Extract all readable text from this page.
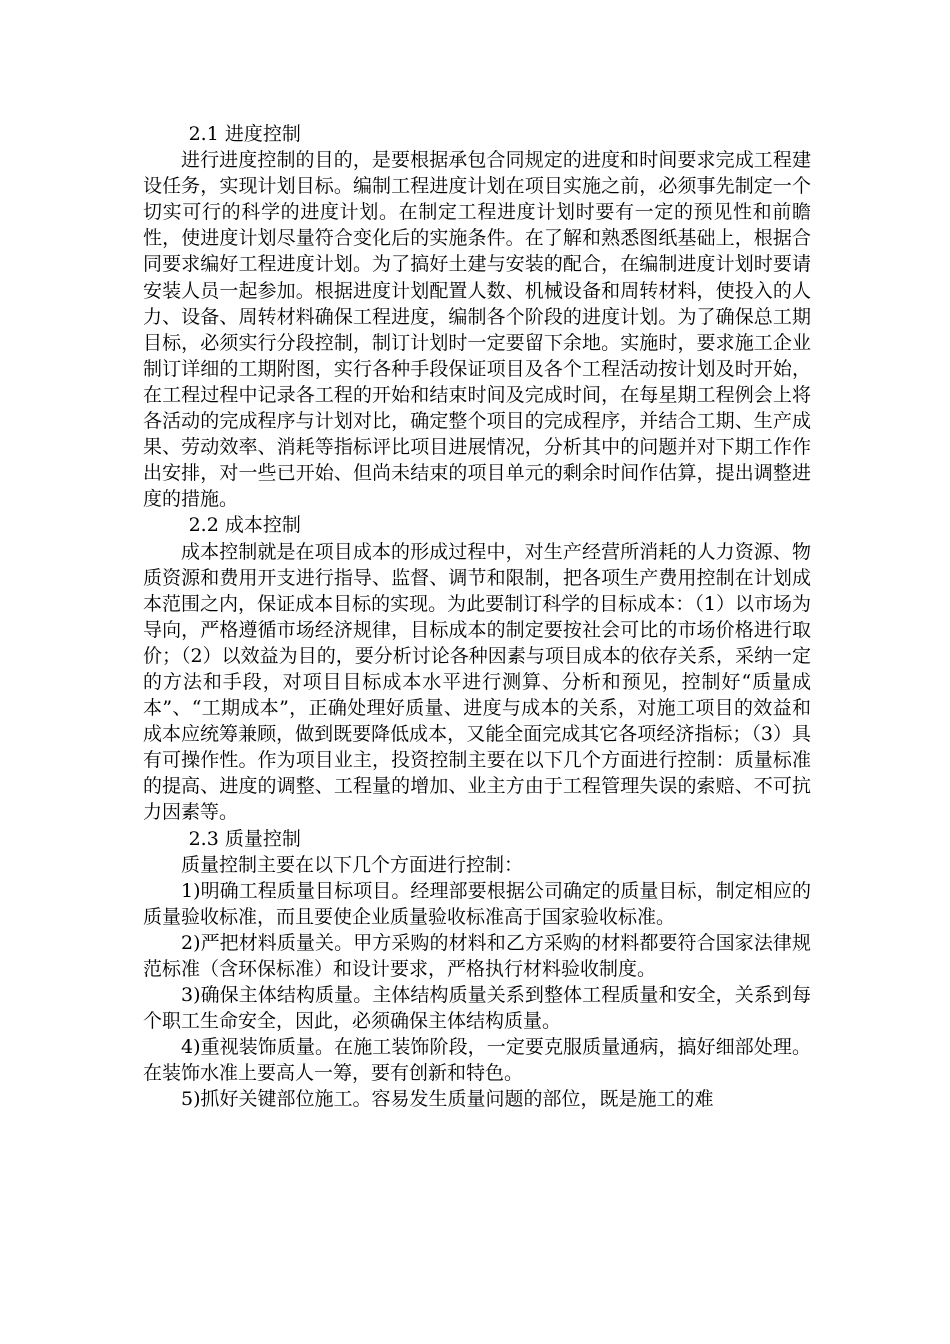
2.1 进度控制

进行进度控制的目的，是要根据承包合同规定的进度和时间要求完成工程建设任务，实现计划目标。编制工程进度计划在项目实施之前，必须事先制定一个切实可行的科学的进度计划。在制定工程进度计划时要有一定的预见性和前瞻性，使进度计划尽量符合变化后的实施条件。在了解和熟悉图纸基础上，根据合同要求编好工程进度计划。为了搞好土建与安装的配合，在编制进度计划时要请安装人员一起参加。根据进度计划配置人数、机械设备和周转材料，使投入的人力、设备、周转材料确保工程进度，编制各个阶段的进度计划。为了确保总工期目标，必须实行分段控制，制订计划时一定要留下余地。实施时，要求施工企业制订详细的工期附图，实行各种手段保证项目及各个工程活动按计划及时开始，在工程过程中记录各工程的开始和结束时间及完成时间，在每星期工程例会上将各活动的完成程序与计划对比，确定整个项目的完成程序，并结合工期、生产成果、劳动效率、消耗等指标评比项目进展情况，分析其中的问题并对下期工作作出安排，对一些已开始、但尚未结束的项目单元的剩余时间作估算，提出调整进度的措施。

2.2 成本控制

成本控制就是在项目成本的形成过程中，对生产经营所消耗的人力资源、物质资源和费用开支进行指导、监督、调节和限制，把各项生产费用控制在计划成本范围之内，保证成本目标的实现。为此要制订科学的目标成本：（1）以市场为导向，严格遵循市场经济规律，目标成本的制定要按社会可比的市场价格进行取价；（2）以效益为目的，要分析讨论各种因素与项目成本的依存关系，采纳一定的方法和手段，对项目目标成本水平进行测算、分析和预见，控制好“质量成本”、“工期成本”，正确处理好质量、进度与成本的关系，对施工项目的效益和成本应统筹兼顾，做到既要降低成本，又能全面完成其它各项经济指标；（3）具有可操作性。作为项目业主，投资控制主要在以下几个方面进行控制：质量标准的提高、进度的调整、工程量的增加、业主方由于工程管理失误的索赔、不可抗力因素等。

2.3 质量控制

质量控制主要在以下几个方面进行控制：

1)明确工程质量目标项目。经理部要根据公司确定的质量目标，制定相应的质量验收标准，而且要使企业质量验收标准高于国家验收标准。

2)严把材料质量关。甲方采购的材料和乙方采购的材料都要符合国家法律规范标准（含环保标准）和设计要求，严格执行材料验收制度。

3)确保主体结构质量。主体结构质量关系到整体工程质量和安全，关系到每个职工生命安全，因此，必须确保主体结构质量。

4)重视装饰质量。在施工装饰阶段，一定要克服质量通病，搞好细部处理。在装饰水准上要高人一筹，要有创新和特色。

5)抓好关键部位施工。容易发生质量问题的部位，既是施工的难
